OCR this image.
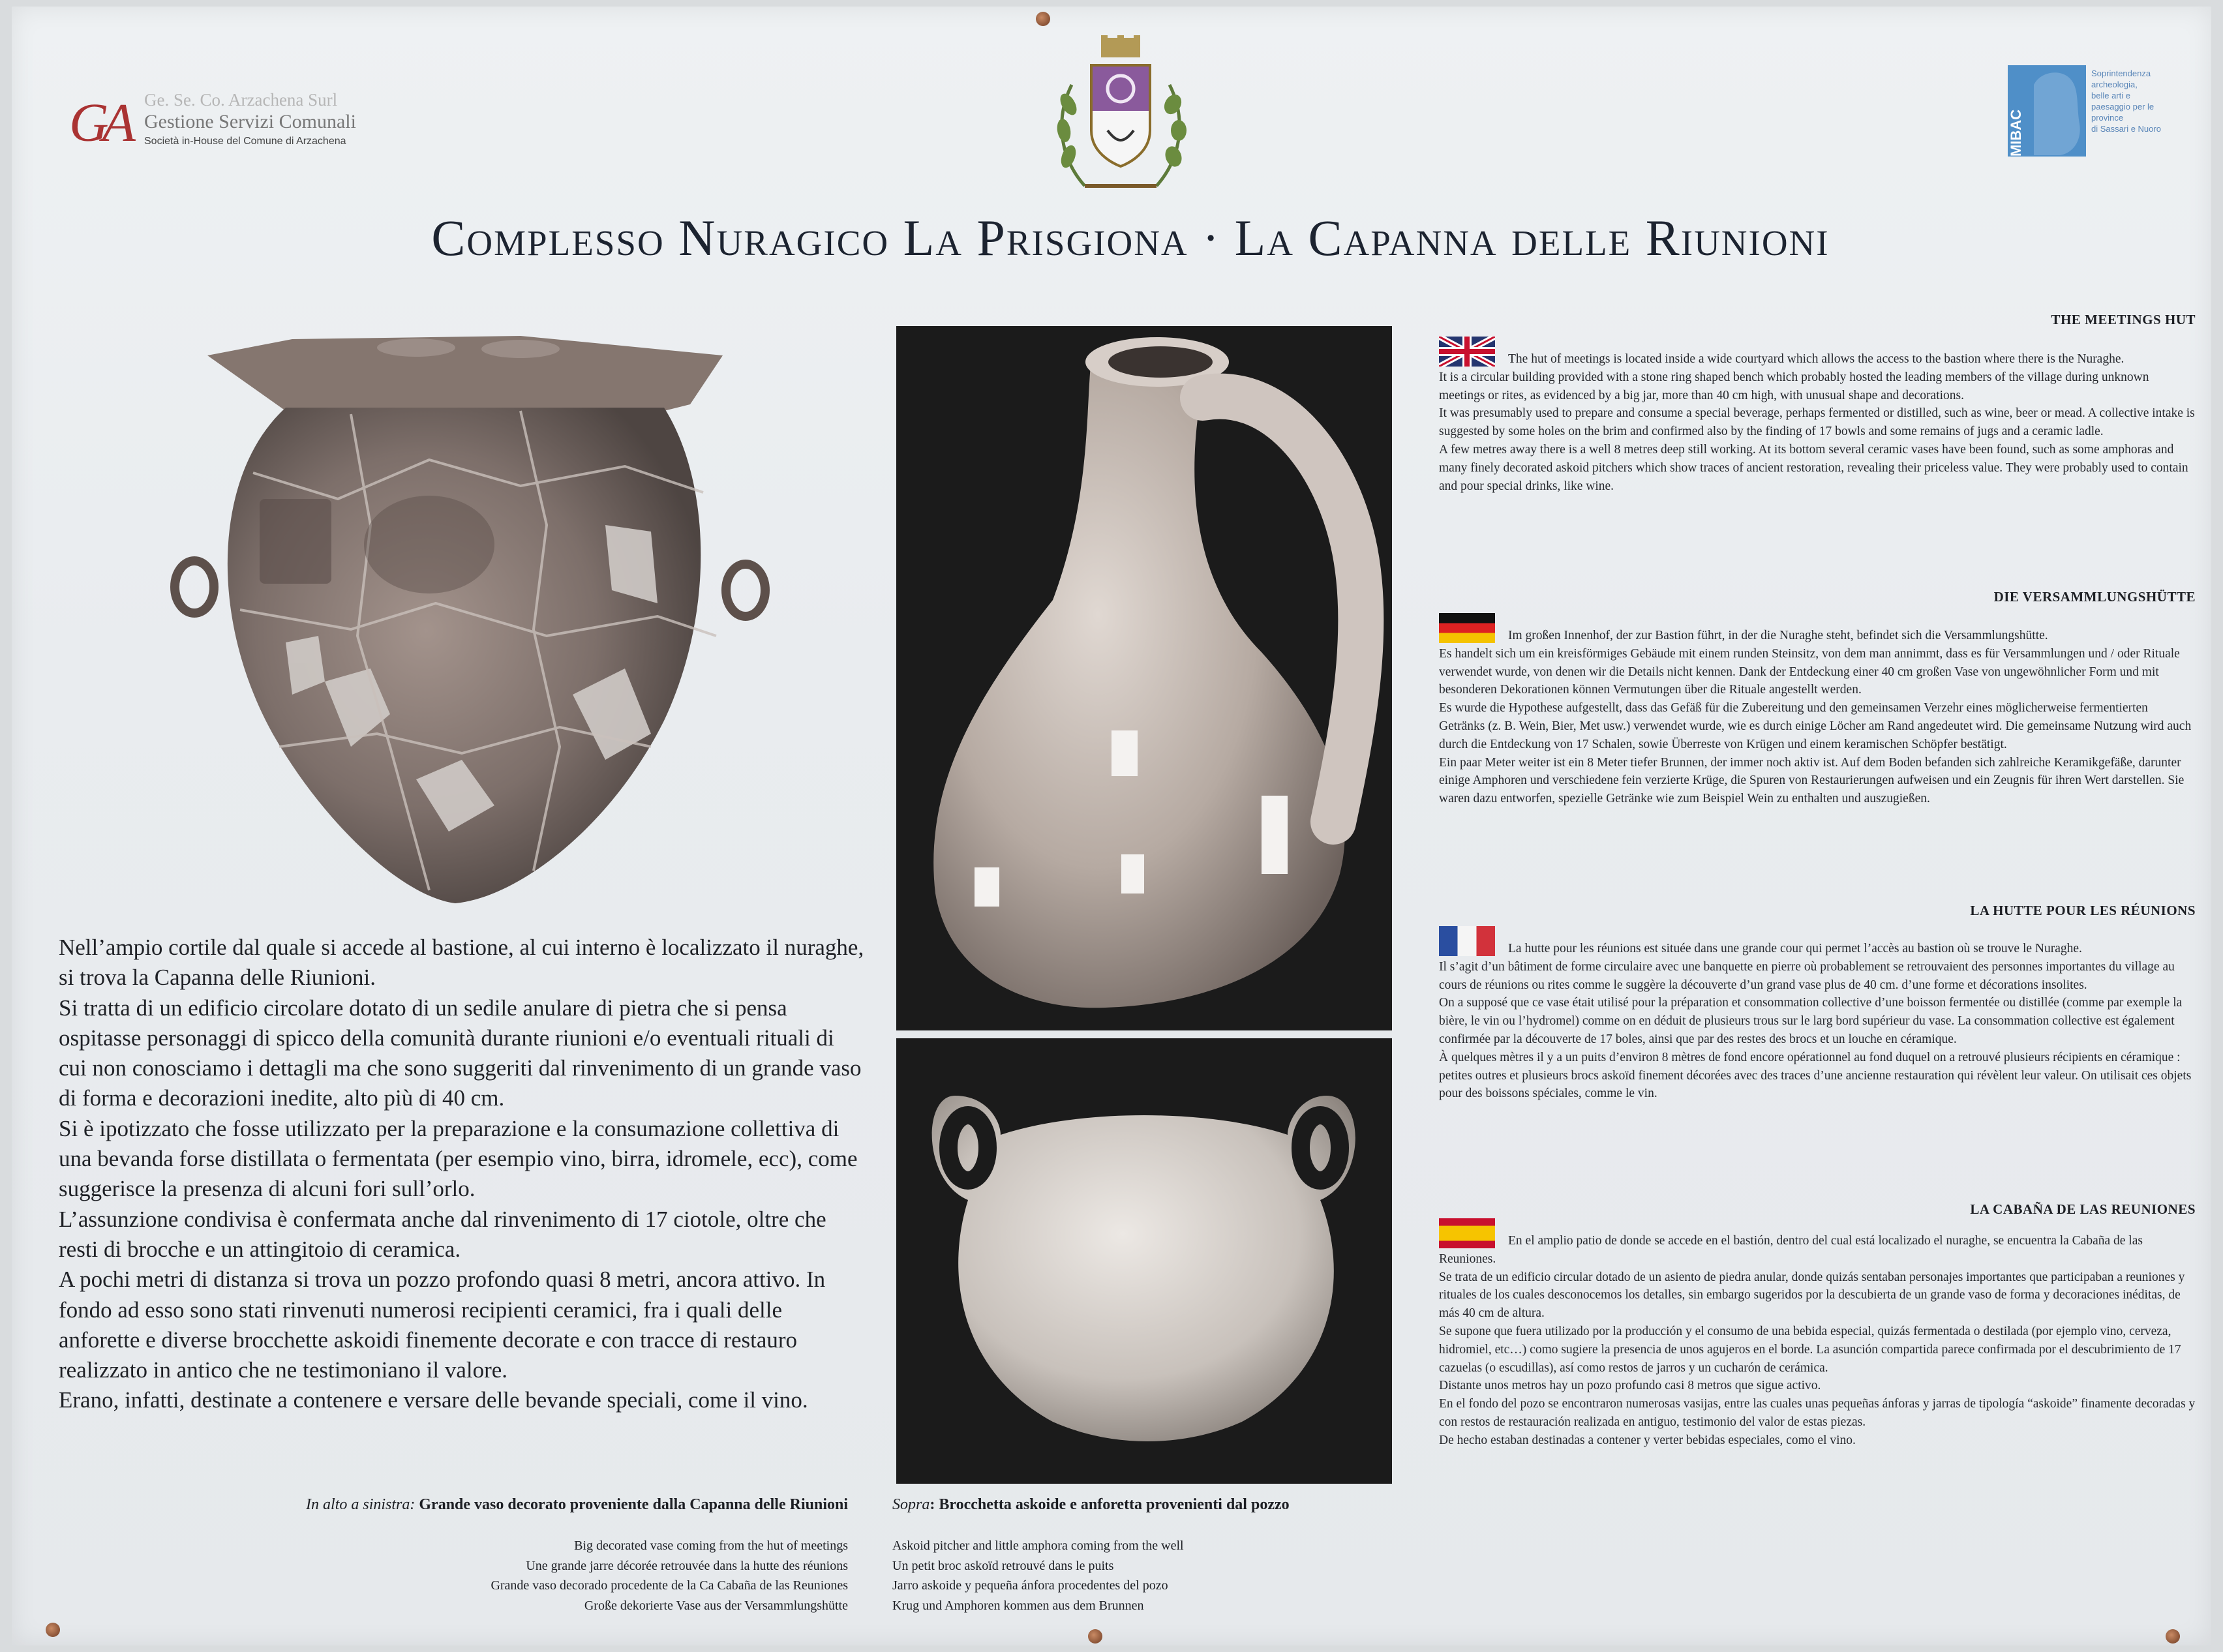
GA Ge. Se. Co. Arzachena Surl
Gestione Servizi Comunali
Società in-House del Comune di Arzachena	MIBAC
Soprintendenza
archeologia,
belle arti e
paesaggio per le
province
di Sassari e Nuoro
Complesso Nuragico La Prisgiona · La Capanna delle Riunioni

Nell’ampio cortile dal quale si accede al bastione, al cui interno è localizzato il nuraghe, si trova la Capanna delle Riunioni.

Si tratta di un edificio circolare dotato di un sedile anulare di pietra che si pensa ospitasse personaggi di spicco della comunità durante riunioni e/o eventuali rituali di cui non conosciamo i dettagli ma che sono suggeriti dal rinvenimento di un grande vaso di forma e decorazioni inedite, alto più di 40 cm.

Si è ipotizzato che fosse utilizzato per la preparazione e la consumazione collettiva di una bevanda forse distillata o fermentata (per esempio vino, birra, idromele, ecc), come suggerisce la presenza di alcuni fori sull’orlo.

L’assunzione condivisa è confermata anche dal rinvenimento di 17 ciotole, oltre che resti di brocche e un attingitoio di ceramica.

A pochi metri di distanza si trova un pozzo profondo quasi 8 metri, ancora attivo. In fondo ad esso sono stati rinvenuti numerosi recipienti ceramici, fra i quali delle anforette e diverse brocchette askoidi finemente decorate e con tracce di restauro realizzato in antico che ne testimoniano il valore.

Erano, infatti, destinate a contenere e versare delle bevande speciali, come il vino.

In alto a sinistra: Grande vaso decorato proveniente dalla Capanna delle Riunioni
Big decorated vase coming from the hut of meetings
Une grande jarre décorée retrouvée dans la hutte des réunions
Grande vaso decorado procedente de la Ca Cabaña de las Reuniones
Große dekorierte Vase aus der Versammlungshütte
Sopra: Brocchetta askoide e anforetta provenienti dal pozzo
Askoid pitcher and little amphora coming from the well
Un petit broc askoïd retrouvé dans le puits
Jarro askoide y pequeña ánfora procedentes del pozo
Krug und Amphoren kommen aus dem Brunnen
THE MEETINGS HUT

The hut of meetings is located inside a wide courtyard which allows the access to the bastion where there is the Nuraghe.

It is a circular building provided with a stone ring shaped bench which probably hosted the leading members of the village during unknown meetings or rites, as evidenced by a big jar, more than 40 cm high, with unusual shape and decorations.

It was presumably used to prepare and consume a special beverage, perhaps fermented or distilled, such as wine, beer or mead. A collective intake is suggested by some holes on the brim and confirmed also by the finding of 17 bowls and some remains of jugs and a ceramic ladle.

A few metres away there is a well 8 metres deep still working. At its bottom several ceramic vases have been found, such as some amphoras and many finely decorated askoid pitchers which show traces of ancient restoration, revealing their priceless value. They were probably used to contain and pour special drinks, like wine.

DIE VERSAMMLUNGSHÜTTE

Im großen Innenhof, der zur Bastion führt, in der die Nuraghe steht, befindet sich die Versammlungshütte.

Es handelt sich um ein kreisförmiges Gebäude mit einem runden Steinsitz, von dem man annimmt, dass es für Versammlungen und / oder Rituale verwendet wurde, von denen wir die Details nicht kennen. Dank der Entdeckung einer 40 cm großen Vase von ungewöhnlicher Form und mit besonderen Dekorationen können Vermutungen über die Rituale angestellt werden.

Es wurde die Hypothese aufgestellt, dass das Gefäß für die Zubereitung und den gemeinsamen Verzehr eines möglicherweise fermentierten Getränks (z. B. Wein, Bier, Met usw.) verwendet wurde, wie es durch einige Löcher am Rand angedeutet wird. Die gemeinsame Nutzung wird auch durch die Entdeckung von 17 Schalen, sowie Überreste von Krügen und einem keramischen Schöpfer bestätigt.

Ein paar Meter weiter ist ein 8 Meter tiefer Brunnen, der immer noch aktiv ist. Auf dem Boden befanden sich zahlreiche Keramikgefäße, darunter einige Amphoren und verschiedene fein verzierte Krüge, die Spuren von Restaurierungen aufweisen und ein Zeugnis für ihren Wert darstellen. Sie waren dazu entworfen, spezielle Getränke wie zum Beispiel Wein zu enthalten und auszugießen.

LA HUTTE POUR LES RÉUNIONS

La hutte pour les réunions est située dans une grande cour qui permet l’accès au bastion où se trouve le Nuraghe.

Il s’agit d’un bâtiment de forme circulaire avec une banquette en pierre où probablement se retrouvaient des personnes importantes du village au cours de réunions ou rites comme le suggère la découverte d’un grand vase plus de 40 cm. d’une forme et décorations insolites.

On a supposé que ce vase était utilisé pour la préparation et consommation collective d’une boisson fermentée ou distillée (comme par exemple la bière, le vin ou l’hydromel) comme on en déduit de plusieurs trous sur le larg bord supérieur du vase. La consommation collective est également confirmée par la découverte de 17 boles, ainsi que par des restes des brocs et un louche en céramique.

À quelques mètres il y a un puits d’environ 8 mètres de fond encore opérationnel au fond duquel on a retrouvé plusieurs récipients en céramique : petites outres et plusieurs brocs askoïd finement décorées avec des traces d’une ancienne restauration qui révèlent leur valeur. On utilisait ces objets pour des boissons spéciales, comme le vin.

LA CABAÑA DE LAS REUNIONES

En el amplio patio de donde se accede en el bastión, dentro del cual está localizado el nuraghe, se encuentra la Cabaña de las Reuniones.

Se trata de un edificio circular dotado de un asiento de piedra anular, donde quizás sentaban personajes importantes que participaban a reuniones y rituales de los cuales desconocemos los detalles, sin embargo sugeridos por la descubierta de un grande vaso de forma y decoraciones inéditas, de más 40 cm de altura.

Se supone que fuera utilizado por la producción y el consumo de una bebida especial, quizás fermentada o destilada (por ejemplo vino, cerveza, hidromiel, etc…) como sugiere la presencia de unos agujeros en el borde. La asunción compartida parece confirmada por el descubrimiento de 17 cazuelas (o escudillas), así como restos de jarros y un cucharón de cerámica.

Distante unos metros hay un pozo profundo casi 8 metros que sigue activo.

En el fondo del pozo se encontraron numerosas vasijas, entre las cuales unas pequeñas ánforas y jarras de tipología “askoide” finamente decoradas y con restos de restauración realizada en antiguo, testimonio del valor de estas piezas.

De hecho estaban destinadas a contener y verter bebidas especiales, como el vino.
